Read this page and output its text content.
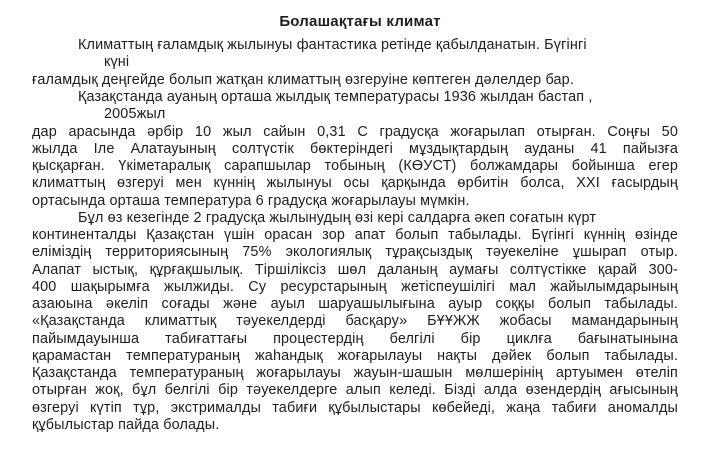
Болашақтағы климат
Климаттың ғаламдық жылынуы фантастика ретінде қабылданатын. Бүгінгі
күні
ғаламдық деңгейде болып жатқан климаттың өзгеруіне көптеген дәлелдер бар.
Қазақстанда ауаның орташа жылдық температурасы 1936 жылдан бастап ,
2005жыл
дар арасында әрбір 10 жыл сайын 0,31 С градусқа жоғарылап отырған. Соңғы 50
жылда Іле Алатауының солтүстік бөктеріндегі мұздықтардың ауданы 41 пайызға
қысқарған. Үкіметаралық сарапшылар тобының (КӨУСТ) болжамдары бойынша егер
климаттың өзгеруі мен күннің жылынуы осы қарқында өрбитін болса, XXI ғасырдың
ортасында орташа температура 6 градусқа жоғарылауы мүмкін.
Бұл өз кезегінде 2 градусқа жылынудың өзі кері салдарға әкеп соғатын күрт
континенталды Қазақстан үшін орасан зор апат болып табылады. Бүгінгі күннің өзінде
еліміздің территориясының 75% экологиялық тұрақсыздық тәуекеліне ұшырап отыр.
Алапат ыстық, құрғақшылық. Тіршіліксіз шөл даланың аумағы солтүстікке қарай 300-
400 шақырымға жылжиды. Су ресурстарының жетіспеушілігі мал жайылымдарының
азаюына әкеліп соғады және ауыл шаруашылығына ауыр соққы болып табылады.
«Қазақстанда климаттық тәуекелдерді басқару» БҰҰЖЖ жобасы мамандарының
пайымдауынша табиғаттағы процестердің белгілі бір циклға бағынатынына
қарамастан температураның жаһандық жоғарылауы нақты дәйек болып табылады.
Қазақстанда температураның жоғарылауы жауын-шашын мөлшерінің артуымен өтеліп
отырған жоқ, бұл белгілі бір тәуекелдерге алып келеді. Бізді алда өзендердің ағысының
өзгеруі күтіп тұр, экстрималды табиғи құбылыстары көбейеді, жаңа табиғи аномалды
құбылыстар пайда болады.
